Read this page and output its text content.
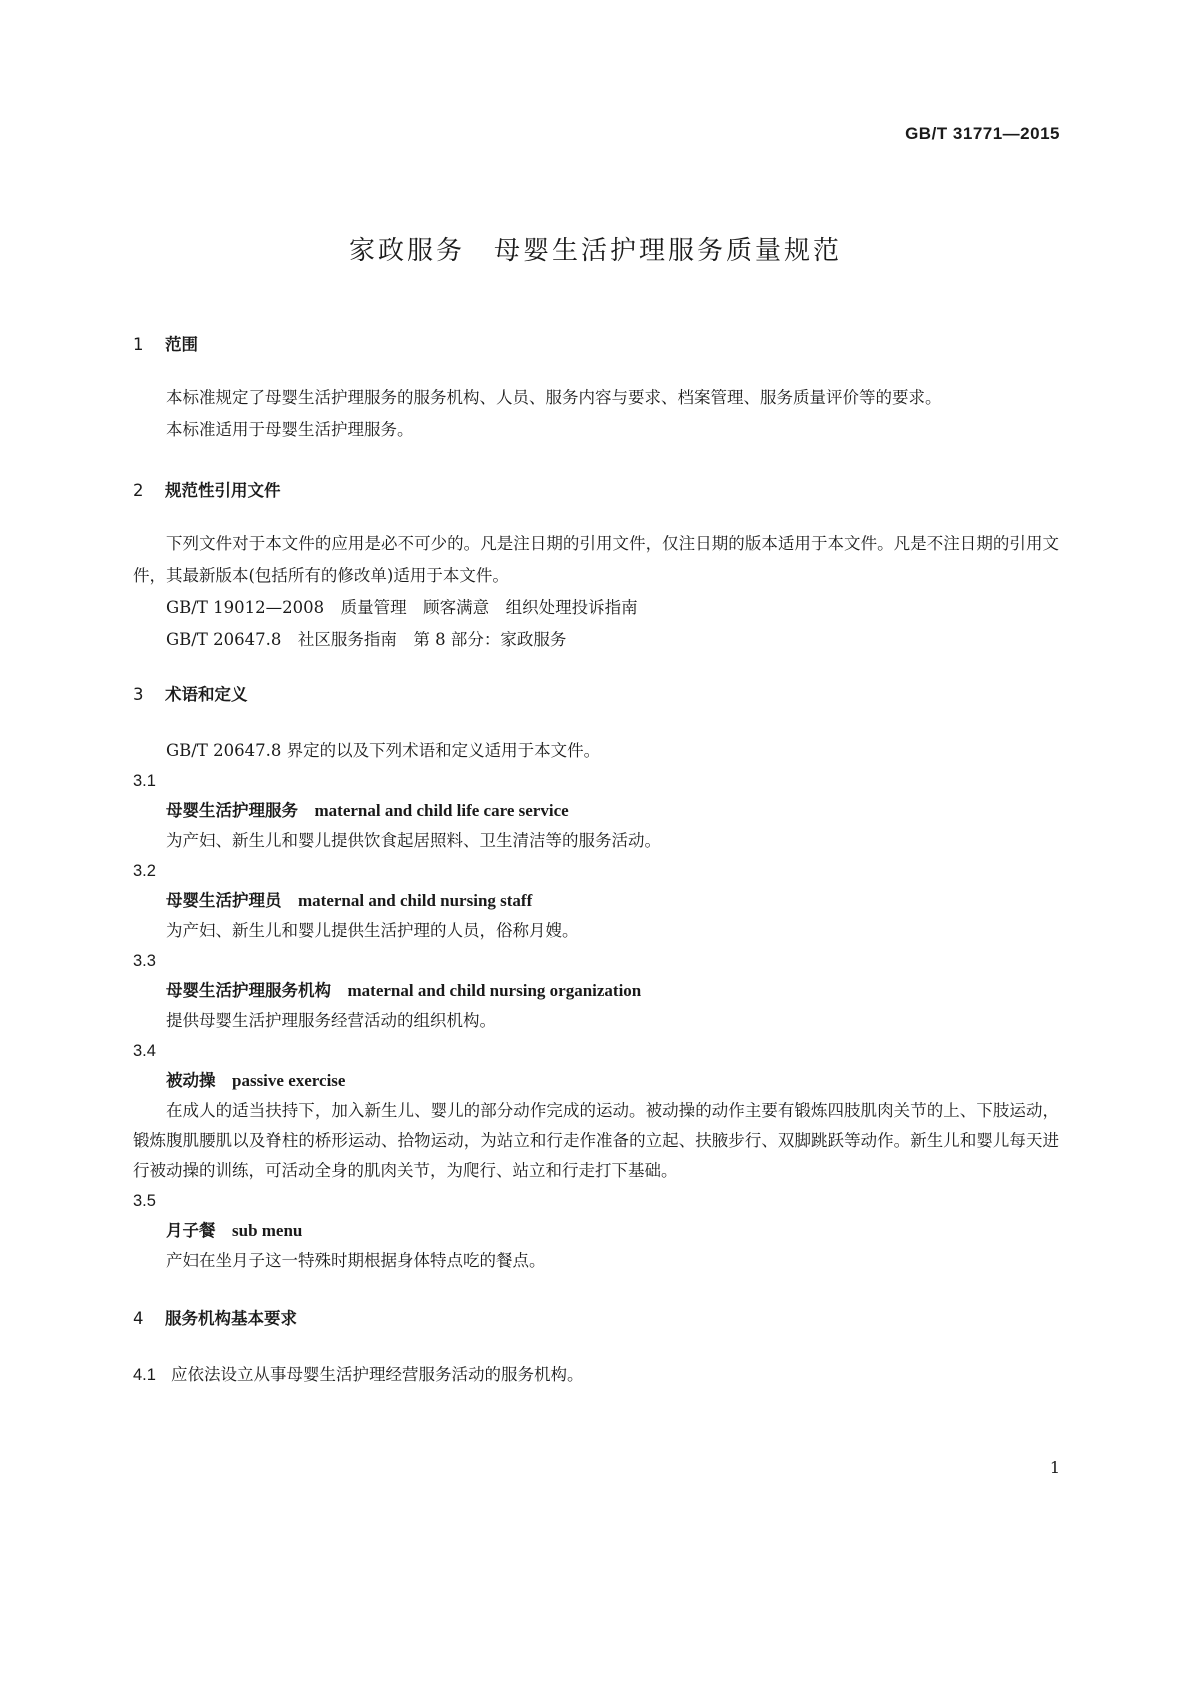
GB/T 31771—2015
家政服务　母婴生活护理服务质量规范
1 范围

本标准规定了母婴生活护理服务的服务机构、人员、服务内容与要求、档案管理、服务质量评价等的要求。

本标准适用于母婴生活护理服务。

2 规范性引用文件

下列文件对于本文件的应用是必不可少的。凡是注日期的引用文件，仅注日期的版本适用于本文件。凡是不注日期的引用文件，其最新版本(包括所有的修改单)适用于本文件。

GB/T 19012—2008　质量管理　顾客满意　组织处理投诉指南

GB/T 20647.8　社区服务指南　第 8 部分：家政服务

3 术语和定义

GB/T 20647.8 界定的以及下列术语和定义适用于本文件。

3.1
母婴生活护理服务　 maternal and child life care service

为产妇、新生儿和婴儿提供饮食起居照料、卫生清洁等的服务活动。

3.2
母婴生活护理员　 maternal and child nursing staff

为产妇、新生儿和婴儿提供生活护理的人员，俗称月嫂。

3.3
母婴生活护理服务机构　 maternal and child nursing organization

提供母婴生活护理服务经营活动的组织机构。

3.4
被动操　 passive exercise

在成人的适当扶持下，加入新生儿、婴儿的部分动作完成的运动。被动操的动作主要有锻炼四肢肌肉关节的上、下肢运动，锻炼腹肌腰肌以及脊柱的桥形运动、拾物运动，为站立和行走作准备的立起、扶腋步行、双脚跳跃等动作。新生儿和婴儿每天进行被动操的训练，可活动全身的肌肉关节，为爬行、站立和行走打下基础。

3.5
月子餐　 sub menu

产妇在坐月子这一特殊时期根据身体特点吃的餐点。

4 服务机构基本要求

4.1 应依法设立从事母婴生活护理经营服务活动的服务机构。

1
